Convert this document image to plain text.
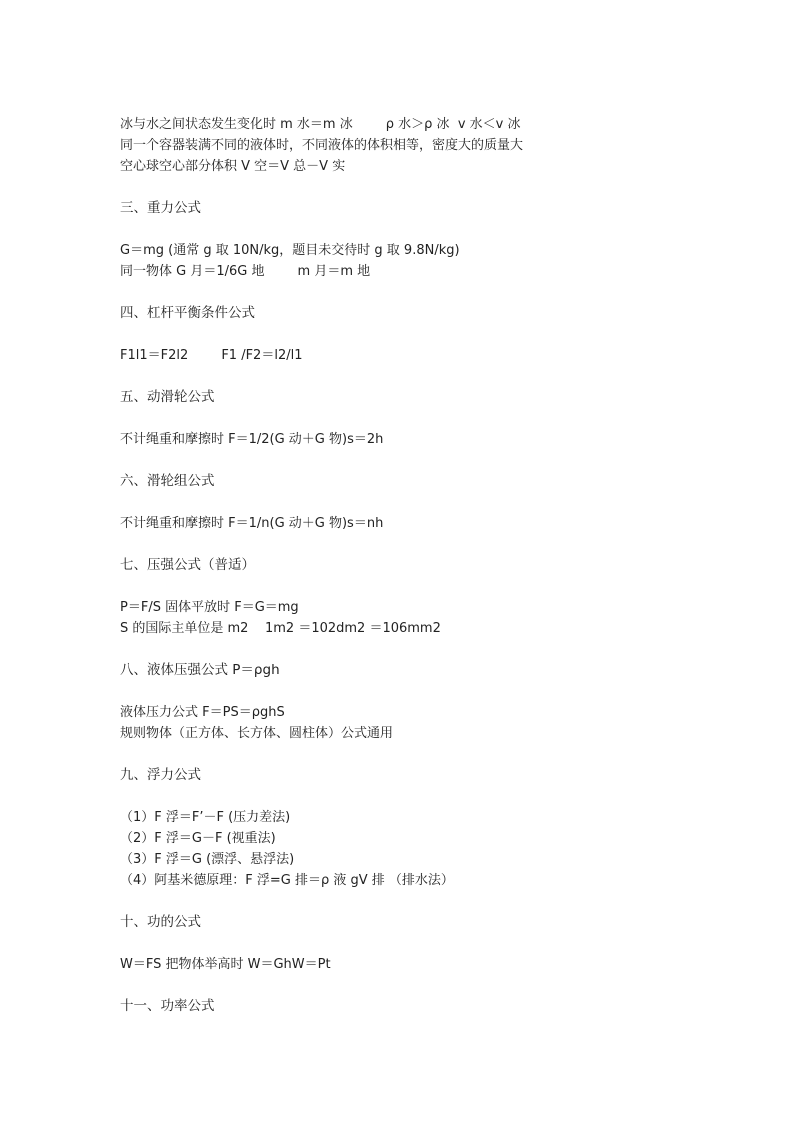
冰与水之间状态发生变化时 m 水＝m 冰        ρ 水＞ρ 冰  v 水＜v 冰
同一个容器装满不同的液体时，不同液体的体积相等，密度大的质量大
空心球空心部分体积 V 空＝V 总－V 实
三、重力公式
G＝mg (通常 g 取 10N/kg，题目未交待时 g 取 9.8N/kg)
同一物体 G 月＝1/6G 地        m 月＝m 地
四、杠杆平衡条件公式
F1l1＝F2l2        F1 /F2＝l2/l1
五、动滑轮公式
不计绳重和摩擦时 F＝1/2(G 动＋G 物)s＝2h
六、滑轮组公式
不计绳重和摩擦时 F＝1/n(G 动＋G 物)s＝nh
七、压强公式（普适）
P＝F/S 固体平放时 F＝G＝mg
S 的国际主单位是 m2    1m2 ＝102dm2 ＝106mm2
八、液体压强公式 P＝ρgh
液体压力公式 F＝PS＝ρghS
规则物体（正方体、长方体、圆柱体）公式通用
九、浮力公式
（1）F 浮＝F’－F (压力差法)
（2）F 浮＝G－F (视重法)
（3）F 浮＝G (漂浮、悬浮法)
（4）阿基米德原理：F 浮=G 排＝ρ 液 gV 排 （排水法）
十、功的公式
W＝FS 把物体举高时 W＝GhW＝Pt
十一、功率公式
